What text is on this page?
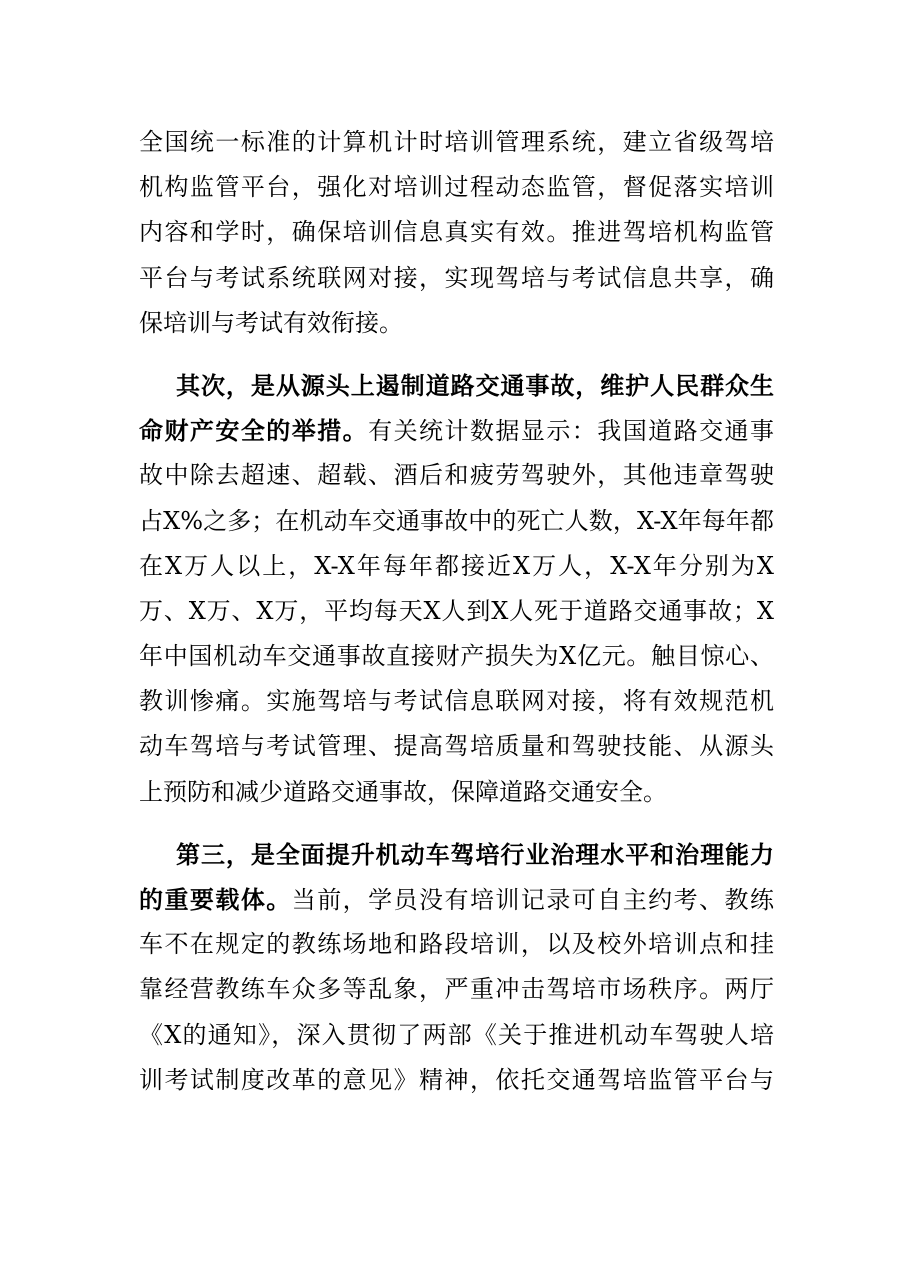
全国统一标准的计算机计时培训管理系统，建立省级驾培
机构监管平台，强化对培训过程动态监管，督促落实培训
内容和学时，确保培训信息真实有效。推进驾培机构监管
平台与考试系统联网对接，实现驾培与考试信息共享，确
保培训与考试有效衔接。
其次，是从源头上遏制道路交通事故，维护人民群众生
命财产安全的举措。有关统计数据显示：我国道路交通事
故中除去超速、超载、酒后和疲劳驾驶外，其他违章驾驶
占X%之多；在机动车交通事故中的死亡人数，X-X年每年都
在X万人以上，X-X年每年都接近X万人，X-X年分别为X
万、X万、X万，平均每天X人到X人死于道路交通事故；X
年中国机动车交通事故直接财产损失为X亿元。触目惊心、
教训惨痛。实施驾培与考试信息联网对接，将有效规范机
动车驾培与考试管理、提高驾培质量和驾驶技能、从源头
上预防和减少道路交通事故，保障道路交通安全。
第三，是全面提升机动车驾培行业治理水平和治理能力
的重要载体。当前，学员没有培训记录可自主约考、教练
车不在规定的教练场地和路段培训，以及校外培训点和挂
靠经营教练车众多等乱象，严重冲击驾培市场秩序。两厅
《X的通知》，深入贯彻了两部《关于推进机动车驾驶人培
训考试制度改革的意见》精神，依托交通驾培监管平台与
